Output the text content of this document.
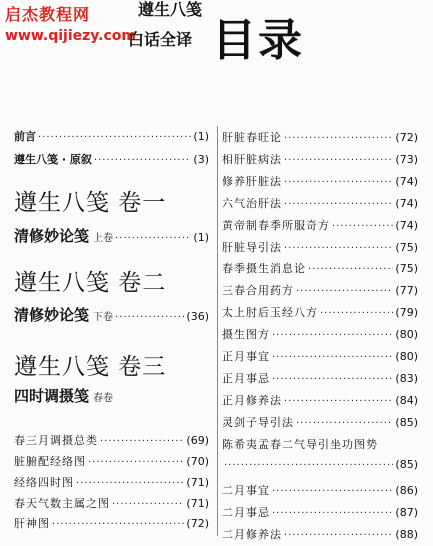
启杰教程网
www.qijiezy.com
遵生八笺
白话全译 目录
前言 ·····	(1)
遵生八笺 · 原叙 ·····	(3)
遵生八笺 卷一
清修妙论笺 上卷 ·····	(1)
遵生八笺 卷二
清修妙论笺 下卷 ·····	(36)
遵生八笺 卷三
四时调摄笺 春卷
春三月调摄总类 ·····	(69)
脏腑配经络图 ·····	(70)
经络四时图 ·····	(71)
春天气数主属之图 ·····	(71)
肝神图 ·····	(72)
肝脏春旺论 ·····	(72)
相肝脏病法 ·····	(73)
修养肝脏法 ·····	(74)
六气治肝法 ·····	(74)
黄帝制春季所服奇方 ·····	(74)
肝脏导引法 ·····	(75)
春季摄生消息论 ·····	(75)
三春合用药方 ·····	(77)
太上肘后玉经八方 ·····	(79)
摄生图方 ·····	(80)
正月事宜 ·····	(80)
正月事忌 ·····	(83)
正月修养法 ·····	(84)
灵剑子导引法 ·····	(85)
陈希夷孟春二气导引坐功图势
·····
(85)
二月事宜 ·····	(86)
二月事忌 ·····	(87)
二月修养法 ·····	(88)
